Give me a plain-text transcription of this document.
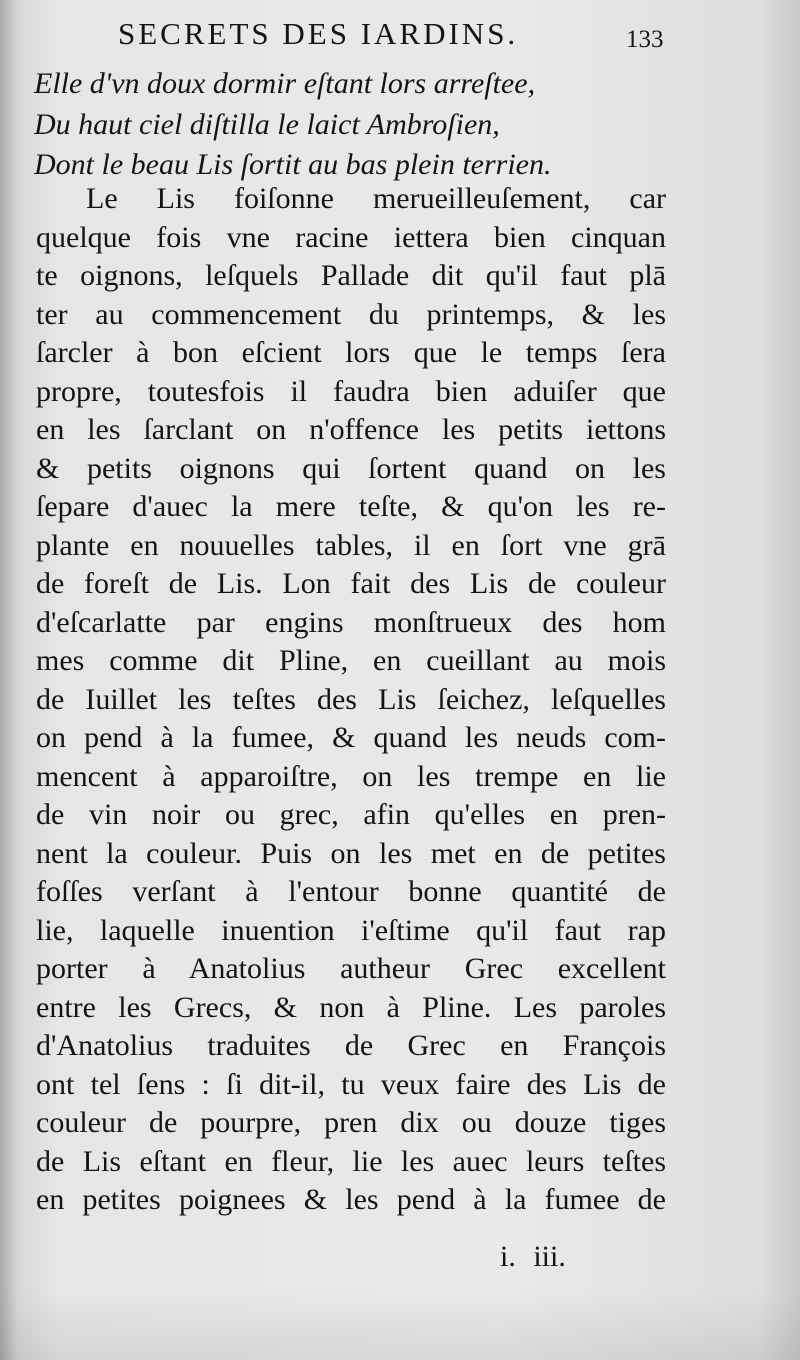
SECRETS DES IARDINS.	133
Elle d'vn doux dormir eſtant lors arreſtee,
Du haut ciel diſtilla le laict Ambroſien,
Dont le beau Lis ſortit au bas plein terrien.
Le Lis foiſonne merueilleuſement, car
quelque fois vne racine iettera bien cinquan
te oignons, leſquels Pallade dit qu'il faut plā
ter au commencement du printemps, & les
ſarcler à bon eſcient lors que le temps ſera
propre, toutesfois il faudra bien aduiſer que
en les ſarclant on n'offence les petits iettons
& petits oignons qui ſortent quand on les
ſepare d'auec la mere teſte, & qu'on les re-
plante en nouuelles tables, il en ſort vne grā
de foreſt de Lis. Lon fait des Lis de couleur
d'eſcarlatte par engins monſtrueux des hom
mes comme dit Pline, en cueillant au mois
de Iuillet les teſtes des Lis ſeichez, leſquelles
on pend à la fumee, & quand les neuds com-
mencent à apparoiſtre, on les trempe en lie
de vin noir ou grec, afin qu'elles en pren-
nent la couleur. Puis on les met en de petites
foſſes verſant à l'entour bonne quantité de
lie, laquelle inuention i'eſtime qu'il faut rap
porter à Anatolius autheur Grec excellent
entre les Grecs, & non à Pline. Les paroles
d'Anatolius traduites de Grec en François
ont tel ſens : ſi dit-il, tu veux faire des Lis de
couleur de pourpre, pren dix ou douze tiges
de Lis eſtant en fleur, lie les auec leurs teſtes
en petites poignees & les pend à la fumee de
i. iii.
